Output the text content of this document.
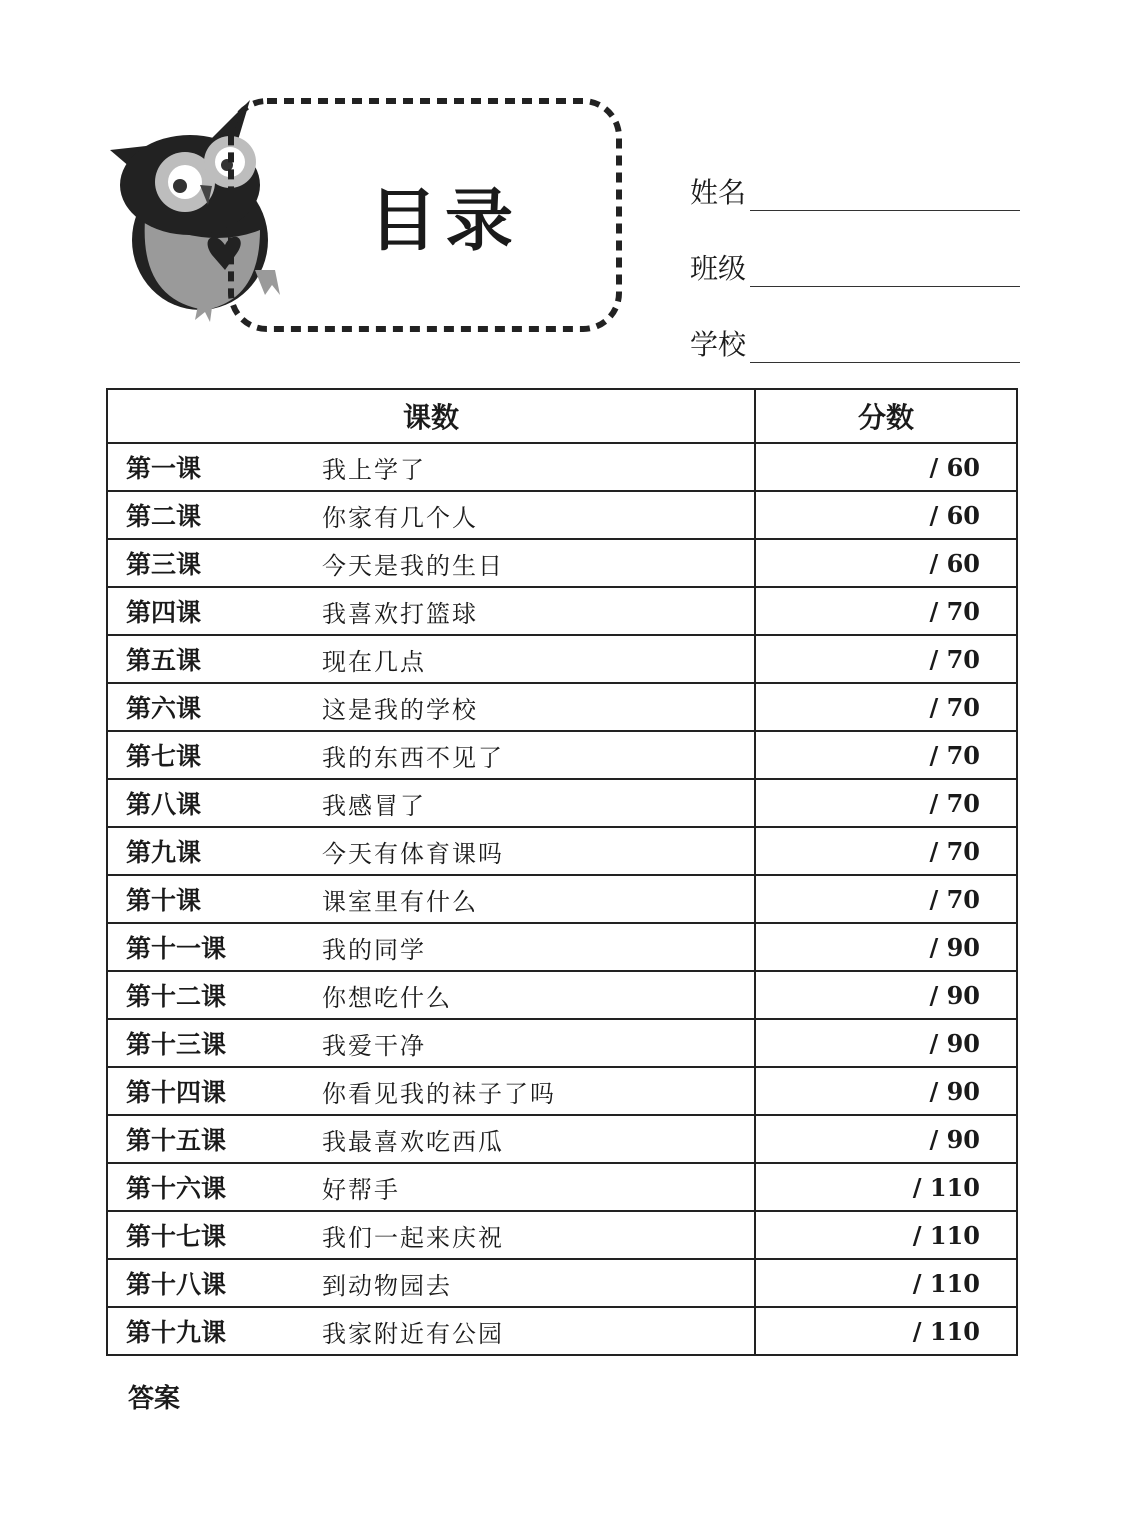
目录	姓名
班级
学校
课数	分数

第一课 我上学了	/ 60

第二课 你家有几个人	/ 60

第三课 今天是我的生日	/ 60

第四课 我喜欢打篮球	/ 70

第五课 现在几点	/ 70

第六课 这是我的学校	/ 70

第七课 我的东西不见了	/ 70

第八课 我感冒了	/ 70

第九课 今天有体育课吗	/ 70

第十课 课室里有什么	/ 70

第十一课 我的同学	/ 90

第十二课 你想吃什么	/ 90

第十三课 我爱干净	/ 90

第十四课 你看见我的袜子了吗	/ 90

第十五课 我最喜欢吃西瓜	/ 90

第十六课 好帮手	/ 110

第十七课 我们一起来庆祝	/ 110

第十八课 到动物园去	/ 110

第十九课 我家附近有公园	/ 110
答案
